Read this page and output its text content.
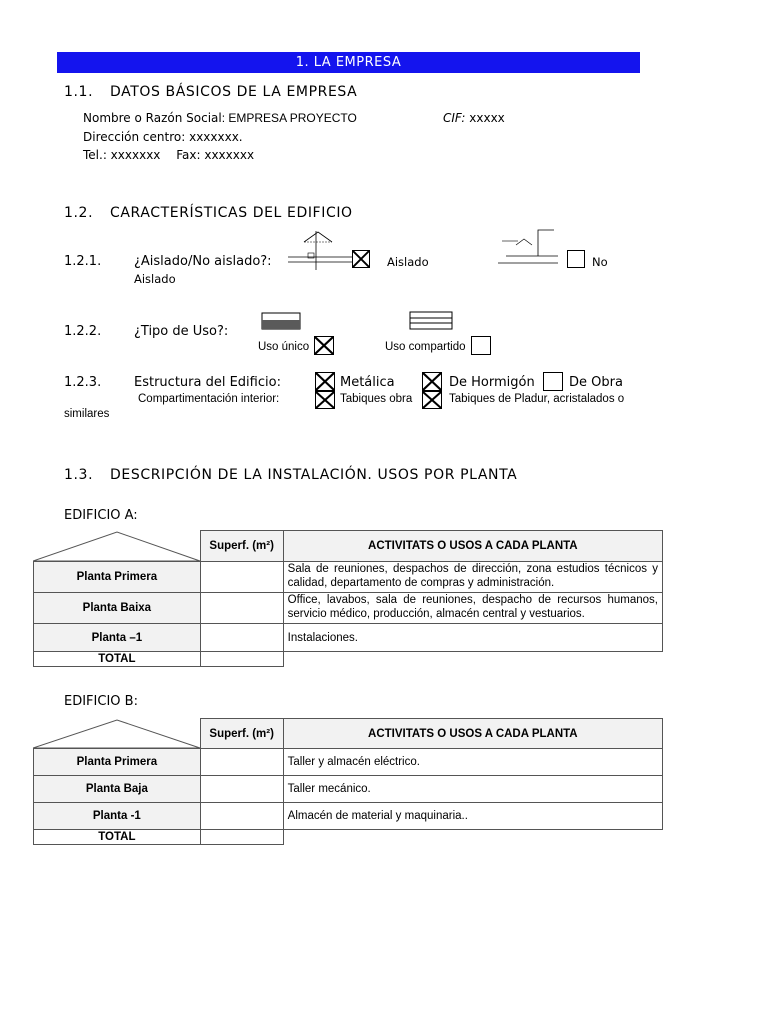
1. LA EMPRESA
1.1. DATOS BÁSICOS DE LA EMPRESA
Nombre o Razón Social: EMPRESA PROYECTO	CIF: xxxxx
Dirección centro: xxxxxxx.
Tel.: xxxxxxx Fax: xxxxxxx
1.2. CARACTERÍSTICAS DEL EDIFICIO
1.2.1.	¿Aislado/No aislado?:	Aislado	No
Aislado
1.2.2.	¿Tipo de Uso?:
Uso único	Uso compartido
1.2.3.	Estructura del Edificio:	Metálica	De Hormigón	De Obra
Compartimentación interior:	Tabiques obra	Tabiques de Pladur, acristalados o
similares
1.3. DESCRIPCIÓN DE LA INSTALACIÓN. USOS POR PLANTA
EDIFICIO A:
	Superf. (m²)	ACTIVITATS O USOS A CADA PLANTA
Planta Primera		Sala de reuniones, despachos de dirección, zona estudios técnicos y calidad, departamento de compras y administración.
Planta Baixa		Office, lavabos, sala de reuniones, despacho de recursos humanos, servicio médico, producción, almacén central y vestuarios.
Planta –1		Instalaciones.
TOTAL		
EDIFICIO B:
	Superf. (m²)	ACTIVITATS O USOS A CADA PLANTA
Planta Primera		Taller y almacén eléctrico.
Planta Baja		Taller mecánico.
Planta -1		Almacén de material y maquinaria..
TOTAL		
